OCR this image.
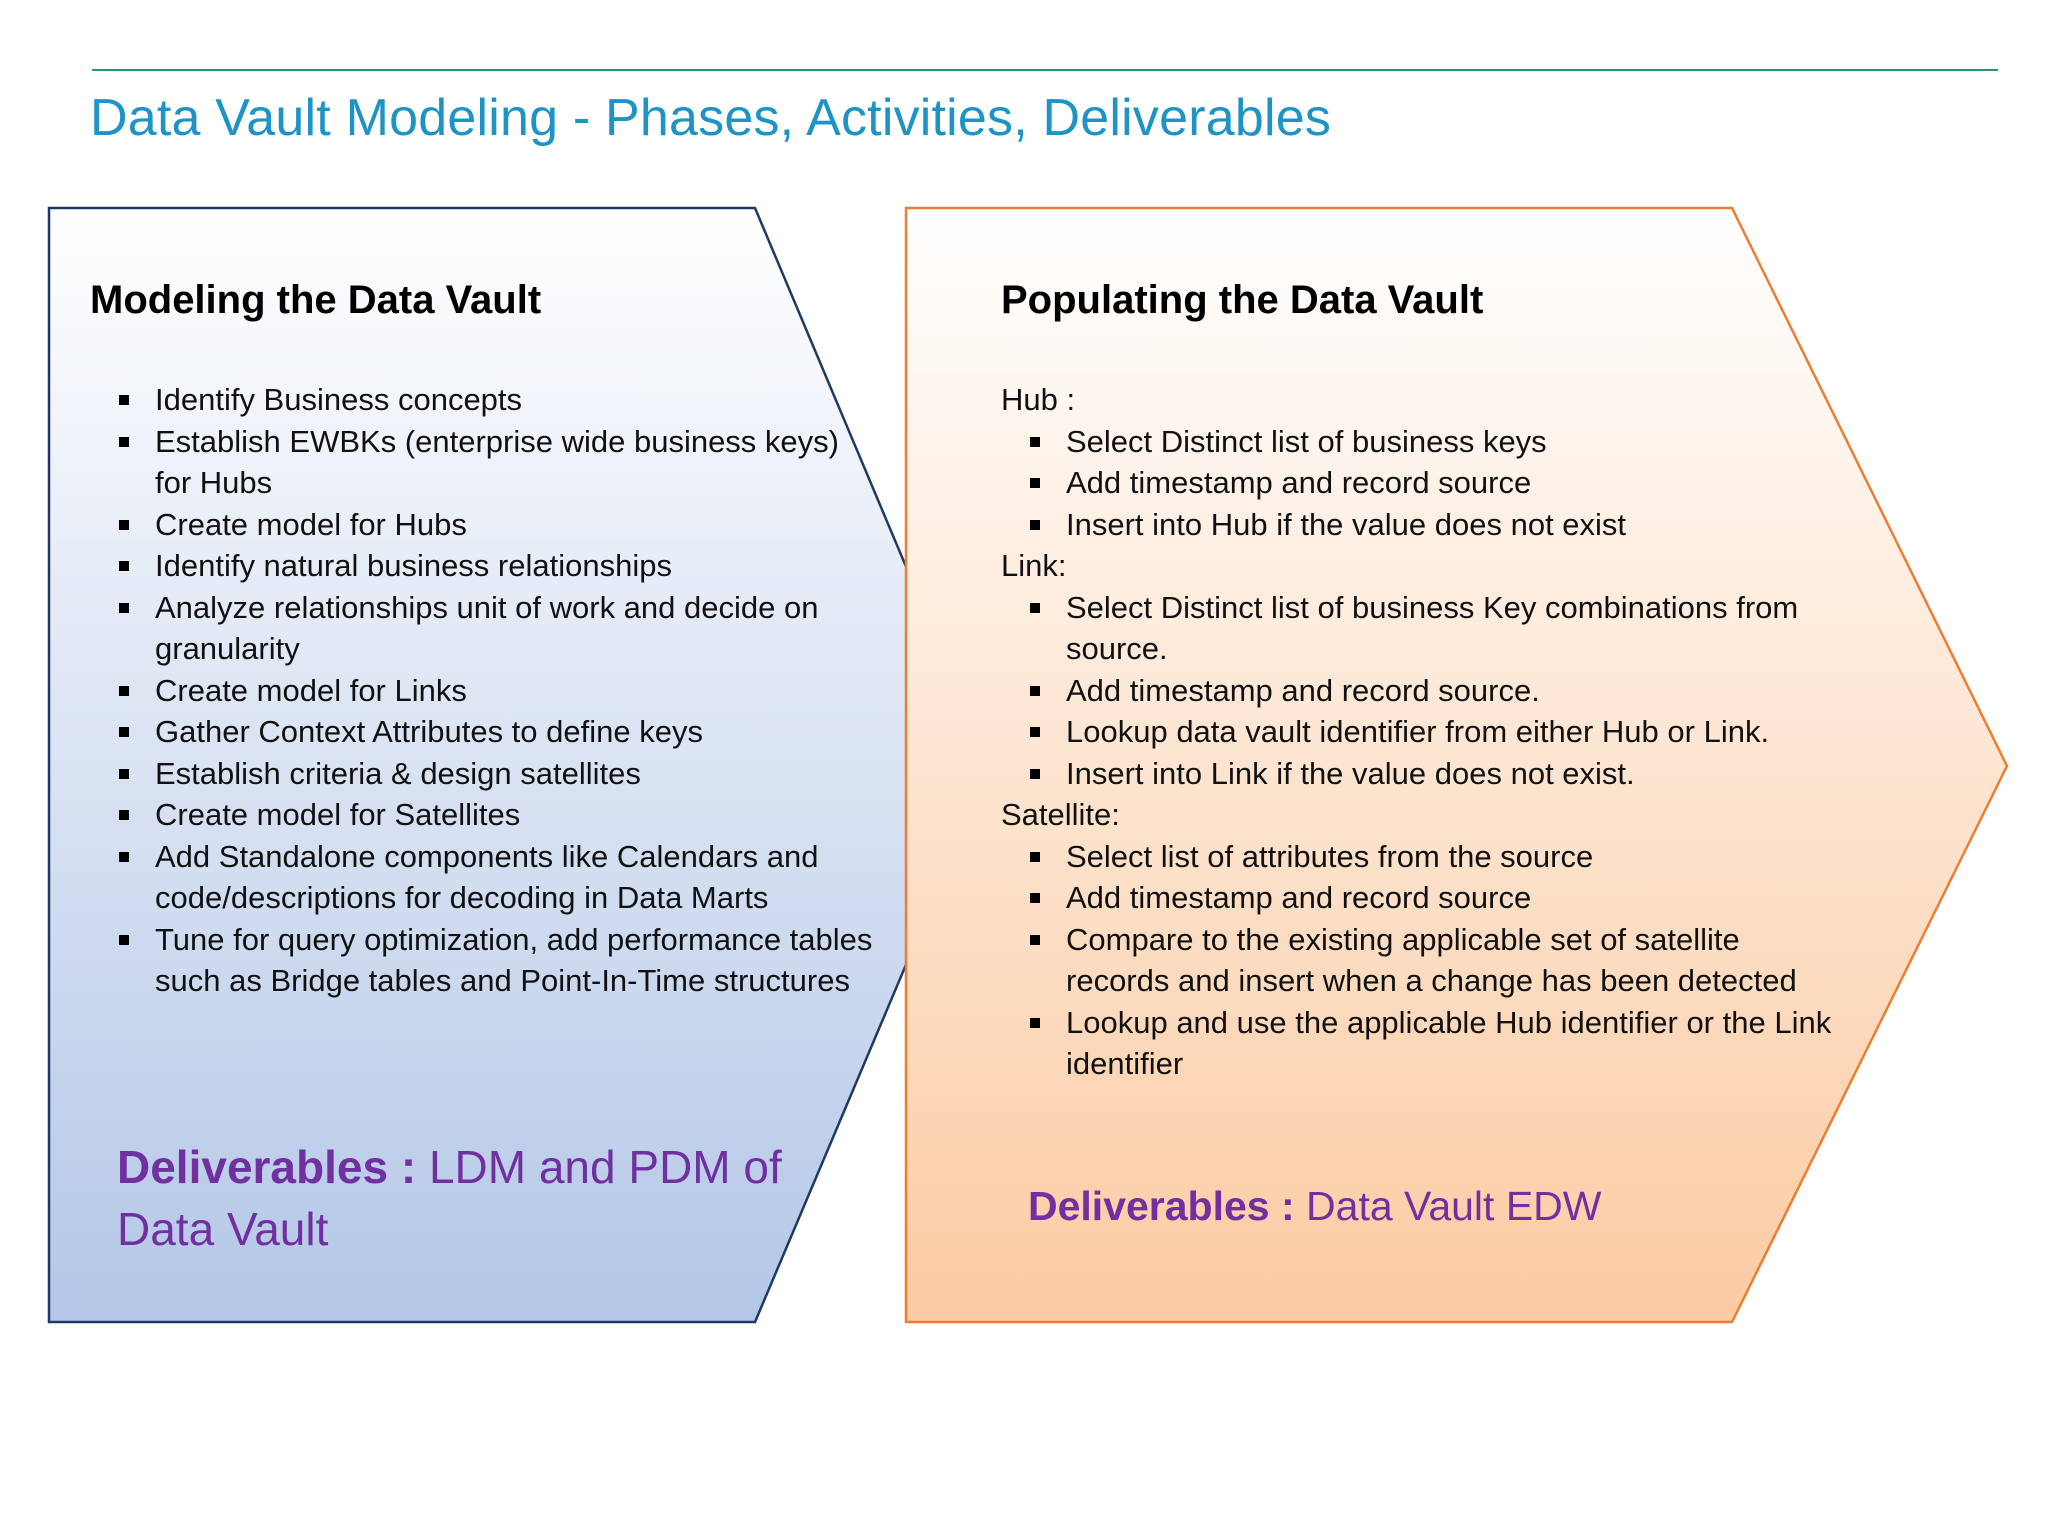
Data Vault Modeling - Phases, Activities, Deliverables
Modeling the Data Vault
Identify Business concepts
Establish EWBKs (enterprise wide business keys) for Hubs
Create model for Hubs
Identify natural business relationships
Analyze relationships unit of work and decide on granularity
Create model for Links
Gather Context Attributes to define keys
Establish criteria & design satellites
Create model for Satellites
Add Standalone components like Calendars and code/descriptions for decoding in Data Marts
Tune for query optimization, add performance tables such as Bridge tables and Point-In-Time structures
Deliverables : LDM and PDM of Data Vault
Populating the Data Vault
Hub :
Select Distinct list of business keys
Add timestamp and record source
Insert into Hub if the value does not exist
Link:
Select Distinct list of business Key combinations from source.
Add timestamp and record source.
Lookup data vault identifier from either Hub or Link.
Insert into Link if the value does not exist.
Satellite:
Select list of attributes from the source
Add timestamp and record source
Compare to the existing applicable set of satellite records and insert when a change has been detected
Lookup and use the applicable Hub identifier or the Link identifier
Deliverables : Data Vault EDW
